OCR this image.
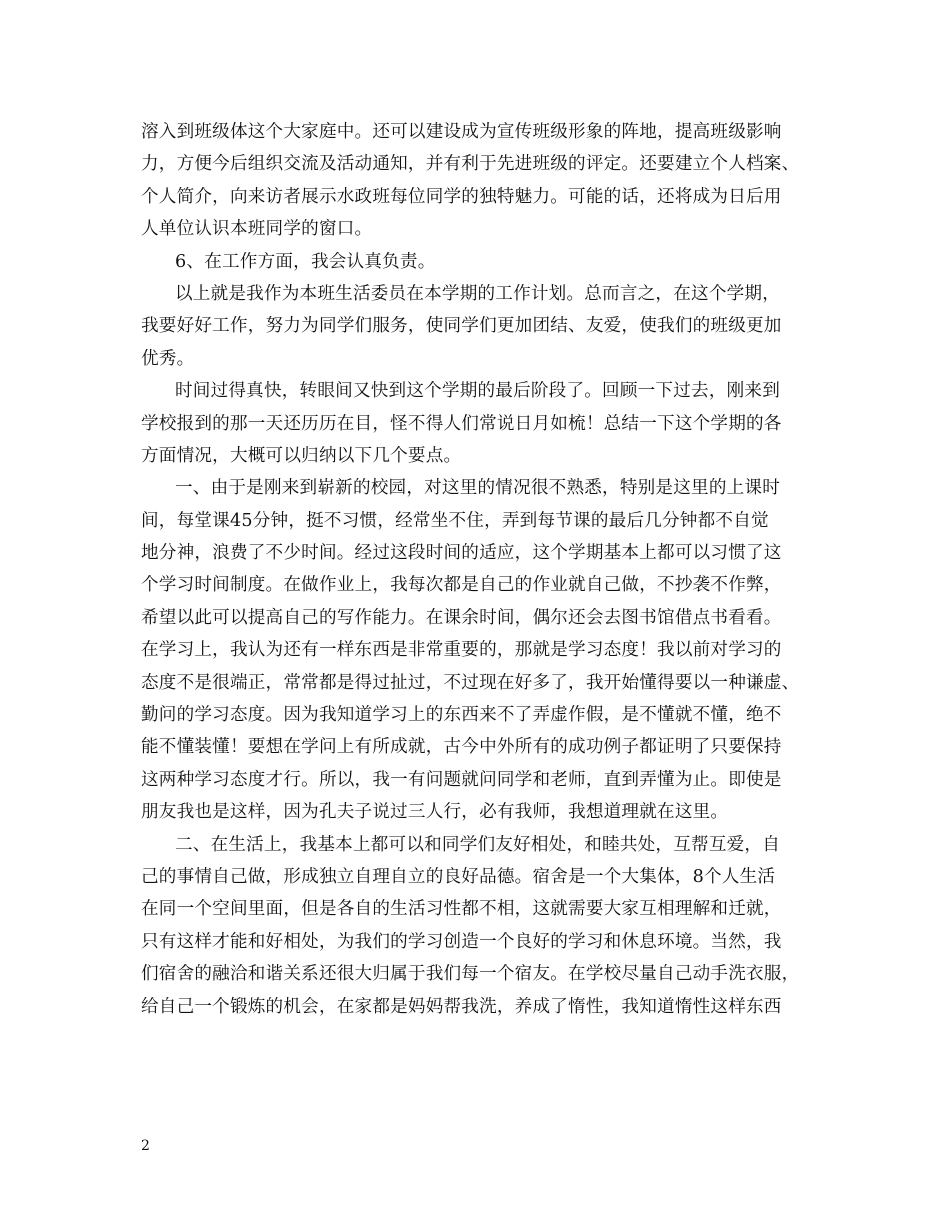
溶入到班级体这个大家庭中。还可以建设成为宣传班级形象的阵地，提高班级影响
力，方便今后组织交流及活动通知，并有利于先进班级的评定。还要建立个人档案、
个人简介，向来访者展示水政班每位同学的独特魅力。可能的话，还将成为日后用
人单位认识本班同学的窗口。
6、在工作方面，我会认真负责。
以上就是我作为本班生活委员在本学期的工作计划。总而言之，在这个学期，
我要好好工作，努力为同学们服务，使同学们更加团结、友爱，使我们的班级更加
优秀。
时间过得真快，转眼间又快到这个学期的最后阶段了。回顾一下过去，刚来到
学校报到的那一天还历历在目，怪不得人们常说日月如梳！总结一下这个学期的各
方面情况，大概可以归纳以下几个要点。
一、由于是刚来到崭新的校园，对这里的情况很不熟悉，特别是这里的上课时
间，每堂课45分钟，挺不习惯，经常坐不住，弄到每节课的最后几分钟都不自觉
地分神，浪费了不少时间。经过这段时间的适应，这个学期基本上都可以习惯了这
个学习时间制度。在做作业上，我每次都是自己的作业就自己做，不抄袭不作弊，
希望以此可以提高自己的写作能力。在课余时间，偶尔还会去图书馆借点书看看。
在学习上，我认为还有一样东西是非常重要的，那就是学习态度！我以前对学习的
态度不是很端正，常常都是得过扯过，不过现在好多了，我开始懂得要以一种谦虚、
勤问的学习态度。因为我知道学习上的东西来不了弄虚作假，是不懂就不懂，绝不
能不懂装懂！要想在学问上有所成就，古今中外所有的成功例子都证明了只要保持
这两种学习态度才行。所以，我一有问题就问同学和老师，直到弄懂为止。即使是
朋友我也是这样，因为孔夫子说过三人行，必有我师，我想道理就在这里。
二、在生活上，我基本上都可以和同学们友好相处，和睦共处，互帮互爱，自
己的事情自己做，形成独立自理自立的良好品德。宿舍是一个大集体，8个人生活
在同一个空间里面，但是各自的生活习性都不相，这就需要大家互相理解和迁就，
只有这样才能和好相处，为我们的学习创造一个良好的学习和休息环境。当然，我
们宿舍的融洽和谐关系还很大归属于我们每一个宿友。在学校尽量自己动手洗衣服，
给自己一个锻炼的机会，在家都是妈妈帮我洗，养成了惰性，我知道惰性这样东西
2
